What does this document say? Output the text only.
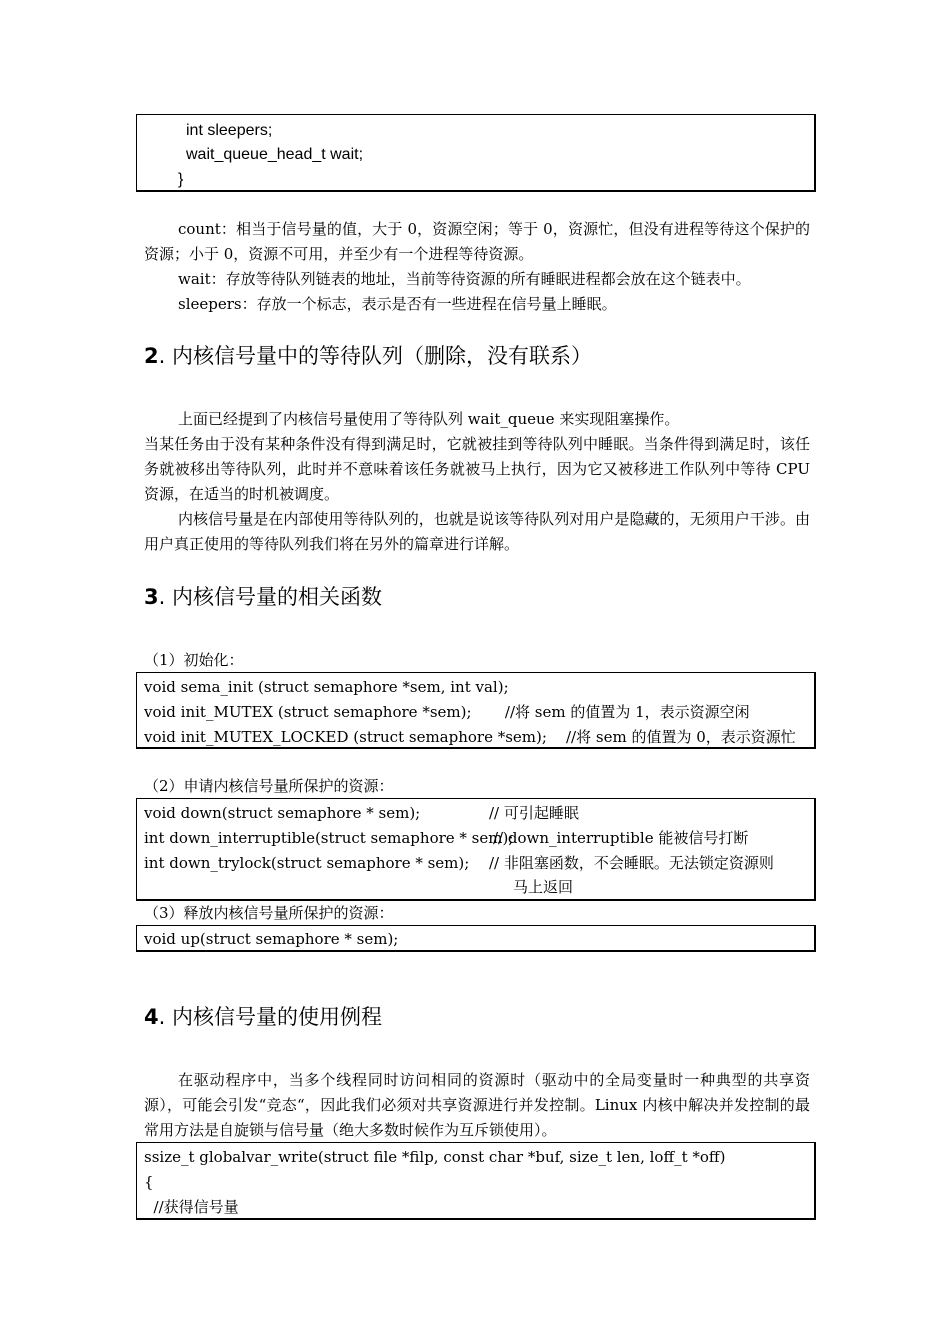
int sleepers;
wait_queue_head_t wait;
}

count：相当于信号量的值，大于 0，资源空闲；等于 0，资源忙，但没有进程等待这个保护的资源；小于 0，资源不可用，并至少有一个进程等待资源。

wait：存放等待队列链表的地址，当前等待资源的所有睡眠进程都会放在这个链表中。

sleepers：存放一个标志，表示是否有一些进程在信号量上睡眠。

2. 内核信号量中的等待队列（删除，没有联系）

上面已经提到了内核信号量使用了等待队列 wait_queue 来实现阻塞操作。

当某任务由于没有某种条件没有得到满足时，它就被挂到等待队列中睡眠。当条件得到满足时，该任务就被移出等待队列，此时并不意味着该任务就被马上执行，因为它又被移进工作队列中等待 CPU 资源，在适当的时机被调度。

内核信号量是在内部使用等待队列的，也就是说该等待队列对用户是隐藏的，无须用户干涉。由用户真正使用的等待队列我们将在另外的篇章进行详解。

3. 内核信号量的相关函数
（1）初始化：
void sema_init (struct semaphore *sem, int val);
void init_MUTEX (struct semaphore *sem);       //将 sem 的值置为 1，表示资源空闲
void init_MUTEX_LOCKED (struct semaphore *sem);    //将 sem 的值置为 0，表示资源忙
（2）申请内核信号量所保护的资源：
void down(struct semaphore * sem);	// 可引起睡眠
int down_interruptible(struct semaphore * sem);
// down_interruptible 能被信号打断
int down_trylock(struct semaphore * sem); // 非阻塞函数，不会睡眠。无法锁定资源则
马上返回
（3）释放内核信号量所保护的资源：
void up(struct semaphore * sem);
4. 内核信号量的使用例程

在驱动程序中，当多个线程同时访问相同的资源时（驱动中的全局变量时一种典型的共享资源），可能会引发“竞态“，因此我们必须对共享资源进行并发控制。Linux 内核中解决并发控制的最常用方法是自旋锁与信号量（绝大多数时候作为互斥锁使用）。

ssize_t globalvar_write(struct file *filp, const char *buf, size_t len, loff_t *off)
{
//获得信号量
